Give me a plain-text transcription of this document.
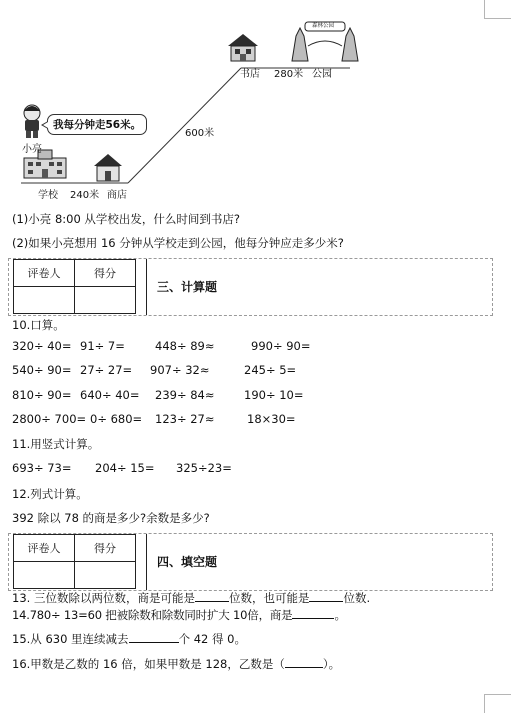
森林公园
书店 280米 公园
我每分钟走56米。
600米
小亮
学校 240米 商店
(1)小亮 8:00 从学校出发，什么时间到书店?
(2)如果小亮想用 16 分钟从学校走到公园，他每分钟应走多少米?
评卷人	得分

三、计算题
10.口算。
320÷ 40= 91÷ 7=	448÷ 89≈	990÷ 90=
540÷ 90= 27÷ 27= 907÷ 32≈	245÷ 5=
810÷ 90= 640÷ 40= 239÷ 84≈	190÷ 10=
2800÷ 700= 0÷ 680= 123÷ 27≈	18×30=
11.用竖式计算。
693÷ 73= 204÷ 15= 325÷23=
12.列式计算。
392 除以 78 的商是多少?余数是多少?
评卷人	得分

四、填空题
13. 三位数除以两位数，商是可能是	位数，也可能是	位数.
14.780÷ 13=60 把被除数和除数同时扩大 10倍，商是	。
15.从 630 里连续减去	个 42 得 0。
16.甲数是乙数的 16 倍，如果甲数是 128，乙数是（	）。
